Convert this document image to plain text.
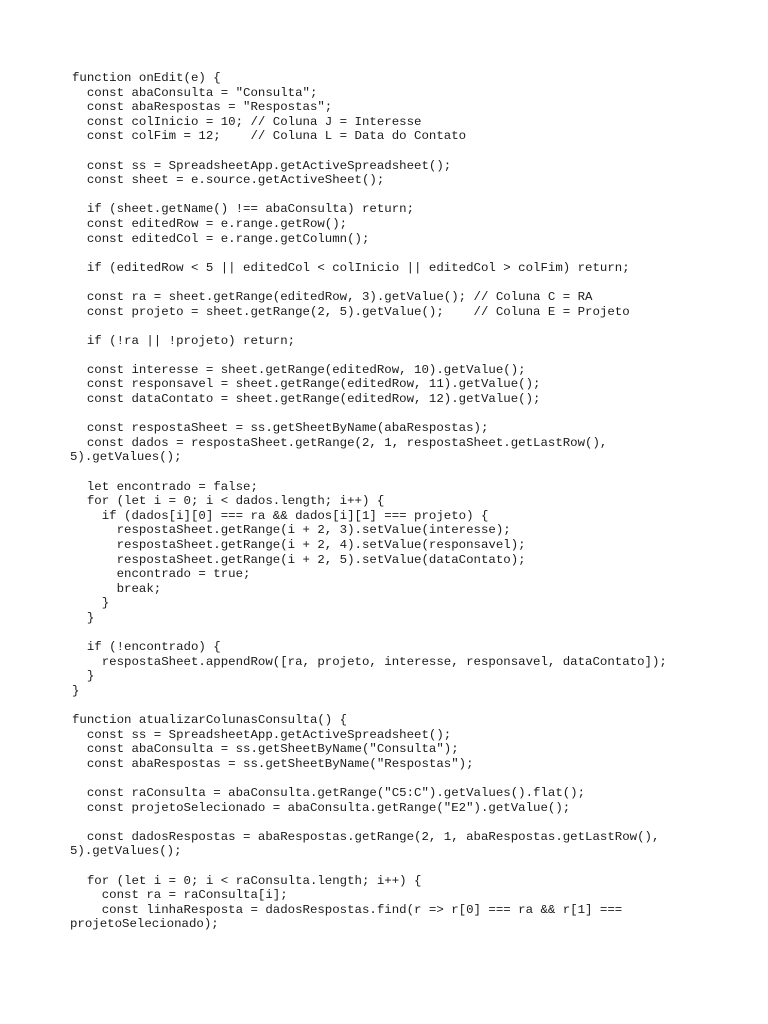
function onEdit(e) {
const abaConsulta = "Consulta";
const abaRespostas = "Respostas";
const colInicio = 10; // Coluna J = Interesse
const colFim = 12;    // Coluna L = Data do Contato
const ss = SpreadsheetApp.getActiveSpreadsheet();
const sheet = e.source.getActiveSheet();
if (sheet.getName() !== abaConsulta) return;
const editedRow = e.range.getRow();
const editedCol = e.range.getColumn();
if (editedRow < 5 || editedCol < colInicio || editedCol > colFim) return;
const ra = sheet.getRange(editedRow, 3).getValue(); // Coluna C = RA
const projeto = sheet.getRange(2, 5).getValue();    // Coluna E = Projeto
if (!ra || !projeto) return;
const interesse = sheet.getRange(editedRow, 10).getValue();
const responsavel = sheet.getRange(editedRow, 11).getValue();
const dataContato = sheet.getRange(editedRow, 12).getValue();
const respostaSheet = ss.getSheetByName(abaRespostas);
const dados = respostaSheet.getRange(2, 1, respostaSheet.getLastRow(),
5).getValues();
let encontrado = false;
for (let i = 0; i < dados.length; i++) {
if (dados[i][0] === ra && dados[i][1] === projeto) {
respostaSheet.getRange(i + 2, 3).setValue(interesse);
respostaSheet.getRange(i + 2, 4).setValue(responsavel);
respostaSheet.getRange(i + 2, 5).setValue(dataContato);
encontrado = true;
break;
}
}
if (!encontrado) {
respostaSheet.appendRow([ra, projeto, interesse, responsavel, dataContato]);
}
}
function atualizarColunasConsulta() {
const ss = SpreadsheetApp.getActiveSpreadsheet();
const abaConsulta = ss.getSheetByName("Consulta");
const abaRespostas = ss.getSheetByName("Respostas");
const raConsulta = abaConsulta.getRange("C5:C").getValues().flat();
const projetoSelecionado = abaConsulta.getRange("E2").getValue();
const dadosRespostas = abaRespostas.getRange(2, 1, abaRespostas.getLastRow(),
5).getValues();
for (let i = 0; i < raConsulta.length; i++) {
const ra = raConsulta[i];
const linhaResposta = dadosRespostas.find(r => r[0] === ra && r[1] ===
projetoSelecionado);
